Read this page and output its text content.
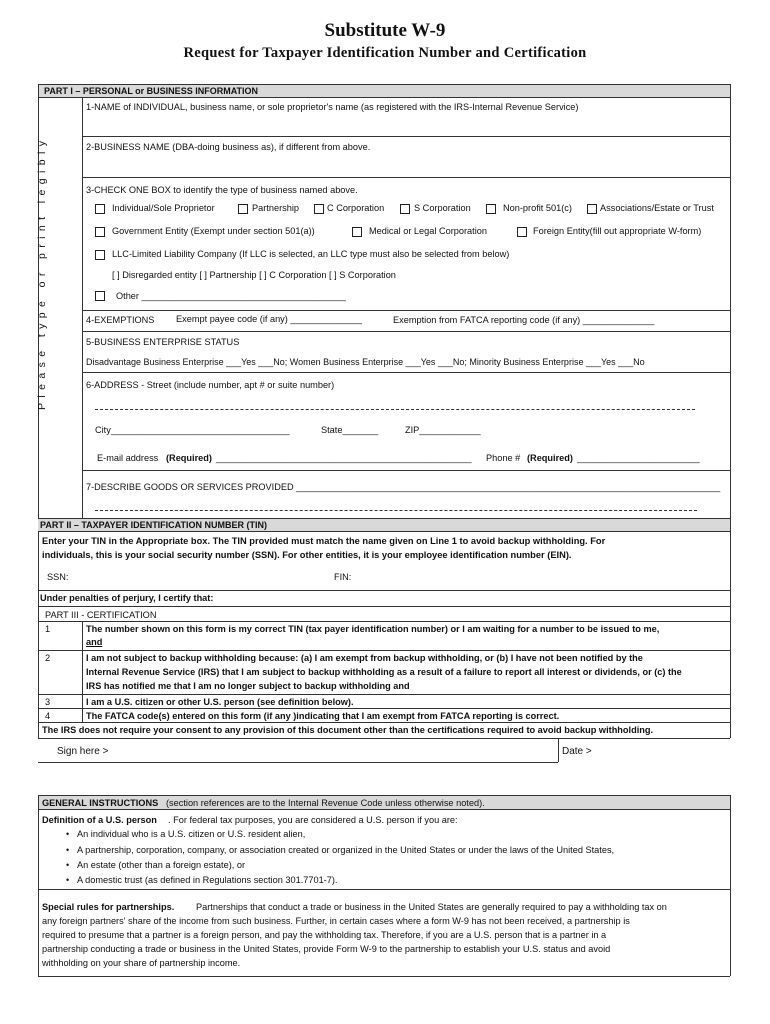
Substitute W-9
Request for Taxpayer Identification Number and Certification
PART I – PERSONAL or BUSINESS INFORMATION
Please type or print legibly
1-NAME of INDIVIDUAL, business name, or sole proprietor's name (as registered with the IRS-Internal Revenue Service)
2-BUSINESS NAME (DBA-doing business as), if different from above.
3-CHECK ONE BOX to identify the type of business named above.
Individual/Sole Proprietor	Partnership	C Corporation	S Corporation	Non-profit 501(c)	Associations/Estate or Trust
Government Entity (Exempt under section 501(a))	Medical or Legal Corporation	Foreign Entity(fill out appropriate W-form)
LLC-Limited Liability Company (If LLC is selected, an LLC type must also be selected from below)
[ ] Disregarded entity [ ] Partnership [ ] C Corporation [ ] S Corporation
Other ________________________________________
4-EXEMPTIONS Exempt payee code (if any) ______________	Exemption from FATCA reporting code (if any) ______________
5-BUSINESS ENTERPRISE STATUS
Disadvantage Business Enterprise ___Yes ___No; Women Business Enterprise ___Yes ___No; Minority Business Enterprise ___Yes ___No
6-ADDRESS - Street (include number, apt # or suite number)
City___________________________________	State_______	ZIP____________
E-mail address (Required) __________________________________________________ Phone # (Required) ________________________
7-DESCRIBE GOODS OR SERVICES PROVIDED ___________________________________________________________________________________
PART II – TAXPAYER IDENTIFICATION NUMBER (TIN)
Enter your TIN in the Appropriate box. The TIN provided must match the name given on Line 1 to avoid backup withholding. For
individuals, this is your social security number (SSN). For other entities, it is your employee identification number (EIN).
SSN:	FIN:
Under penalties of perjury, I certify that:
PART III - CERTIFICATION
1	The number shown on this form is my correct TIN (tax payer identification number) or I am waiting for a number to be issued to me,
and
2	I am not subject to backup withholding because: (a) I am exempt from backup withholding, or (b) I have not been notified by the
Internal Revenue Service (IRS) that I am subject to backup withholding as a result of a failure to report all interest or dividends, or (c) the
IRS has notified me that I am no longer subject to backup withholding and
3	I am a U.S. citizen or other U.S. person (see definition below).
4	The FATCA code(s) entered on this form (if any )indicating that I am exempt from FATCA reporting is correct.
The IRS does not require your consent to any provision of this document other than the certifications required to avoid backup withholding.
Sign here >	Date >
GENERAL INSTRUCTIONS (section references are to the Internal Revenue Code unless otherwise noted).
Definition of a U.S. person . For federal tax purposes, you are considered a U.S. person if you are:
• An individual who is a U.S. citizen or U.S. resident alien,
• A partnership, corporation, company, or association created or organized in the United States or under the laws of the United States,
• An estate (other than a foreign estate), or
• A domestic trust (as defined in Regulations section 301.7701-7).
Special rules for partnerships. Partnerships that conduct a trade or business in the United States are generally required to pay a withholding tax on
any foreign partners' share of the income from such business. Further, in certain cases where a form W-9 has not been received, a partnership is
required to presume that a partner is a foreign person, and pay the withholding tax. Therefore, if you are a U.S. person that is a partner in a
partnership conducting a trade or business in the United States, provide Form W-9 to the partnership to establish your U.S. status and avoid
withholding on your share of partnership income.
